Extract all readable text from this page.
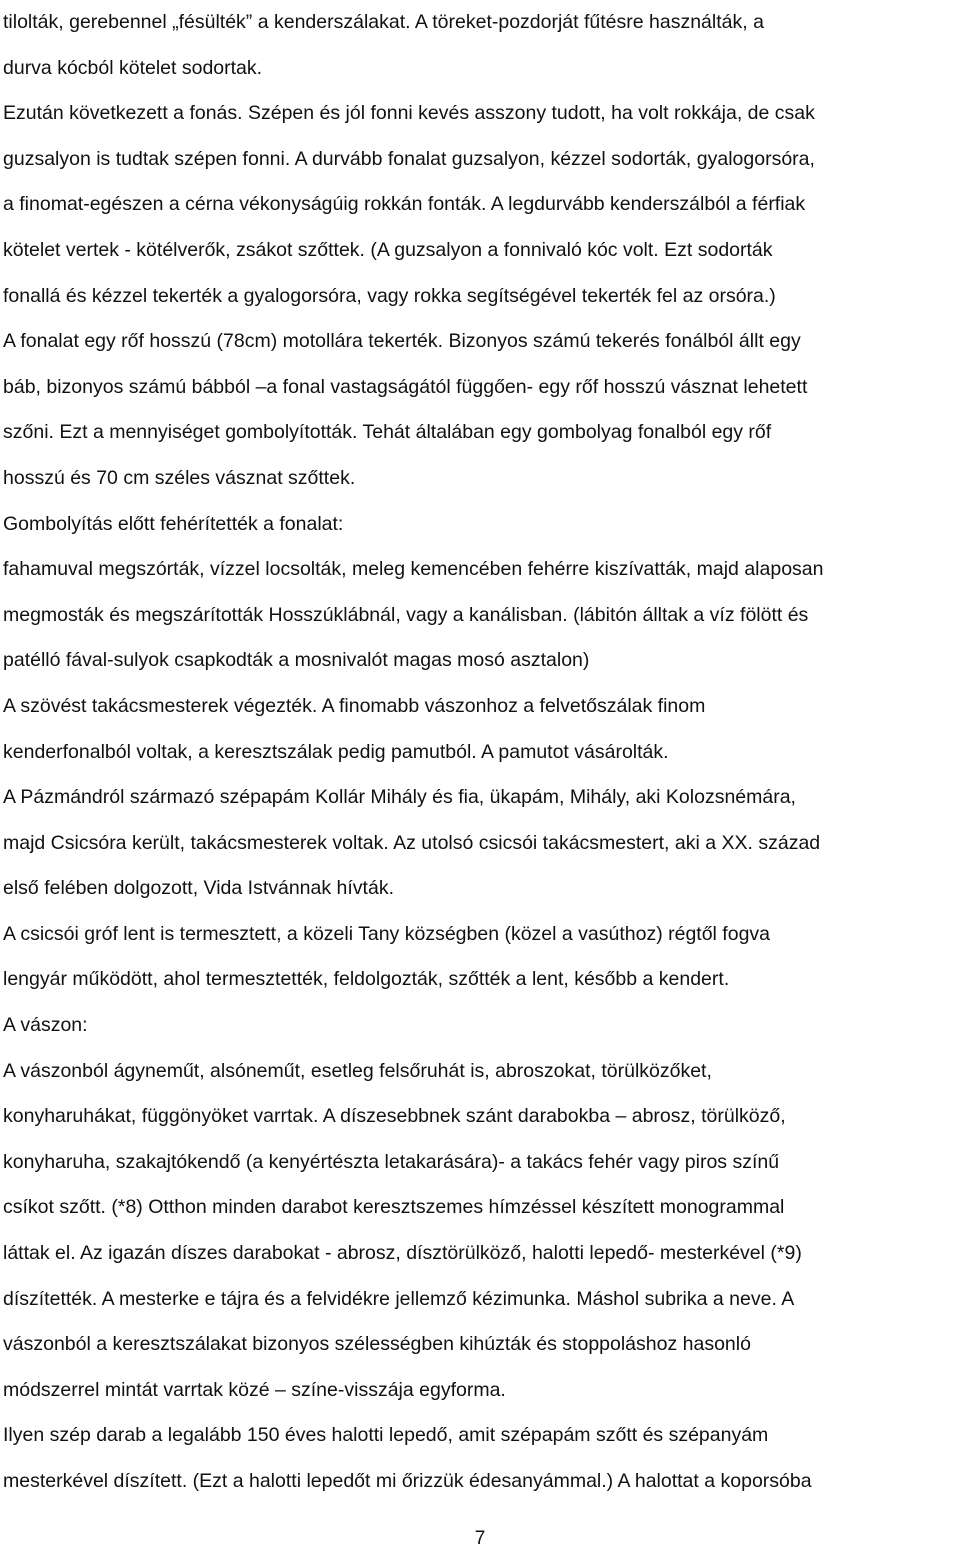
tilolták, gerebennel „fésülték” a kenderszálakat. A töreket-pozdorját fűtésre használták, a
durva kócból kötelet sodortak.
Ezután következett a fonás. Szépen és jól fonni kevés asszony tudott, ha volt rokkája, de csak
guzsalyon is tudtak szépen fonni. A durvább fonalat guzsalyon, kézzel sodorták, gyalogorsóra,
a finomat-egészen a cérna vékonyságúig rokkán fonták. A legdurvább kenderszálból a férfiak
kötelet vertek - kötélverők, zsákot szőttek. (A guzsalyon a fonnivaló kóc volt. Ezt sodorták
fonallá és kézzel tekerték a gyalogorsóra, vagy rokka segítségével tekerték fel az orsóra.)
A fonalat egy rőf hosszú (78cm) motollára tekerték. Bizonyos számú tekerés fonálból állt egy
báb, bizonyos számú bábból –a fonal vastagságától függően- egy rőf hosszú vásznat lehetett
szőni. Ezt a mennyiséget gombolyították. Tehát általában egy gombolyag fonalból egy rőf
hosszú és 70 cm széles vásznat szőttek.
Gombolyítás előtt fehérítették a fonalat:
fahamuval megszórták, vízzel locsolták, meleg kemencében fehérre kiszívatták, majd alaposan
megmosták és megszárították Hosszúklábnál, vagy a kanálisban. (lábitón álltak a víz fölött és
patélló fával-sulyok csapkodták a mosnivalót magas mosó asztalon)
A szövést takácsmesterek végezték. A finomabb vászonhoz a felvetőszálak finom
kenderfonalból voltak, a keresztszálak pedig pamutból. A pamutot vásárolták.
A Pázmándról származó szépapám Kollár Mihály és fia, ükapám, Mihály, aki Kolozsnémára,
majd Csicsóra került, takácsmesterek voltak. Az utolsó csicsói takácsmestert, aki a XX. század
első felében dolgozott, Vida Istvánnak hívták.
A csicsói gróf lent is termesztett, a közeli Tany községben (közel a vasúthoz) régtől fogva
lengyár működött, ahol termesztették, feldolgozták, szőtték a lent, később a kendert.
A vászon:
A vászonból ágyneműt, alsóneműt, esetleg felsőruhát is, abroszokat, törülközőket,
konyharuhákat, függönyöket varrtak. A díszesebbnek szánt darabokba – abrosz, törülköző,
konyharuha, szakajtókendő (a kenyértészta letakarására)- a takács fehér vagy piros színű
csíkot szőtt. (*8) Otthon minden darabot keresztszemes hímzéssel készített monogrammal
láttak el. Az igazán díszes darabokat - abrosz, dísztörülköző, halotti lepedő- mesterkével (*9)
díszítették. A mesterke e tájra és a felvidékre jellemző kézimunka. Máshol subrika a neve. A
vászonból a keresztszálakat bizonyos szélességben kihúzták és stoppoláshoz hasonló
módszerrel mintát varrtak közé – színe-visszája egyforma.
Ilyen szép darab a legalább 150 éves halotti lepedő, amit szépapám szőtt és szépanyám
mesterkével díszített. (Ezt a halotti lepedőt mi őrizzük édesanyámmal.) A halottat a koporsóba
7
